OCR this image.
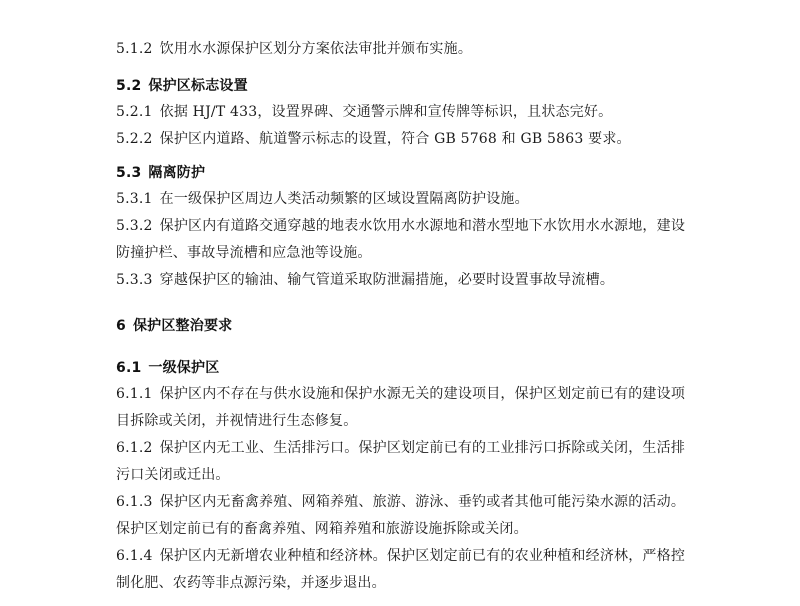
5.1.2 饮用水水源保护区划分方案依法审批并颁布实施。
5.2 保护区标志设置
5.2.1 依据 HJ/T 433，设置界碑、交通警示牌和宣传牌等标识，且状态完好。
5.2.2 保护区内道路、航道警示标志的设置，符合 GB 5768 和 GB 5863 要求。
5.3 隔离防护
5.3.1 在一级保护区周边人类活动频繁的区域设置隔离防护设施。
5.3.2 保护区内有道路交通穿越的地表水饮用水水源地和潜水型地下水饮用水水源地，建设
防撞护栏、事故导流槽和应急池等设施。
5.3.3 穿越保护区的输油、输气管道采取防泄漏措施，必要时设置事故导流槽。
6 保护区整治要求
6.1 一级保护区
6.1.1 保护区内不存在与供水设施和保护水源无关的建设项目，保护区划定前已有的建设项
目拆除或关闭，并视情进行生态修复。
6.1.2 保护区内无工业、生活排污口。保护区划定前已有的工业排污口拆除或关闭，生活排
污口关闭或迁出。
6.1.3 保护区内无畜禽养殖、网箱养殖、旅游、游泳、垂钓或者其他可能污染水源的活动。
保护区划定前已有的畜禽养殖、网箱养殖和旅游设施拆除或关闭。
6.1.4 保护区内无新增农业种植和经济林。保护区划定前已有的农业种植和经济林，严格控
制化肥、农药等非点源污染，并逐步退出。
